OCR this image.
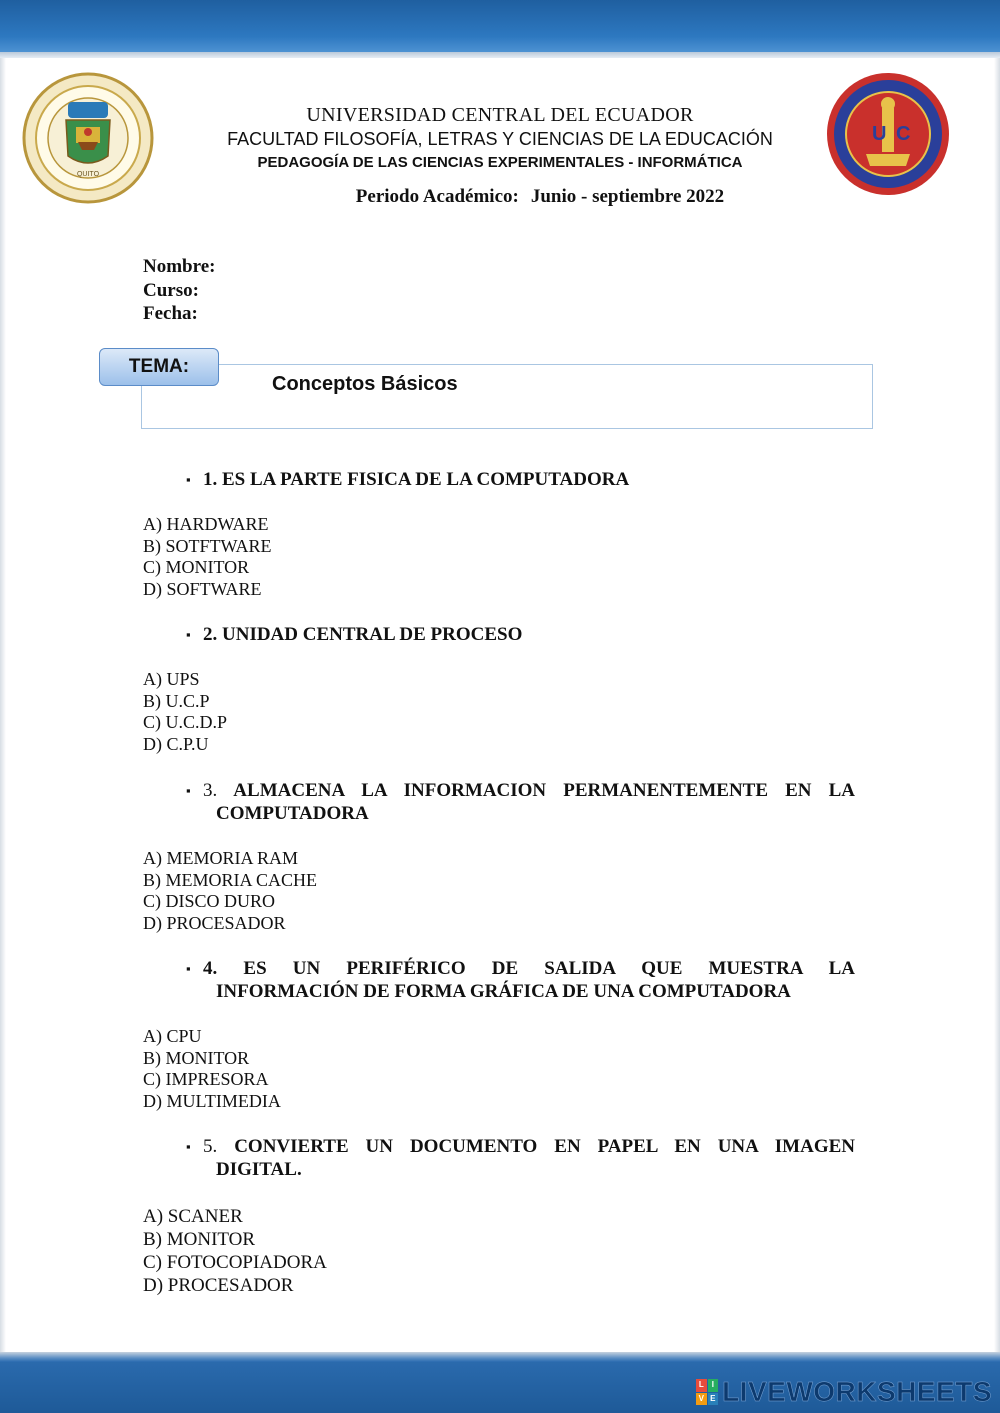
QUITO
U C
UNIVERSIDAD CENTRAL DEL ECUADOR
FACULTAD FILOSOFÍA, LETRAS Y CIENCIAS DE LA EDUCACIÓN
PEDAGOGÍA DE LAS CIENCIAS EXPERIMENTALES - INFORMÁTICA
Periodo Académico: Junio - septiembre 2022
Nombre:
Curso:
Fecha:
TEMA:
Conceptos Básicos
▪ 1. ES LA PARTE FISICA DE LA COMPUTADORA
A) HARDWARE
B) SOTFTWARE
C) MONITOR
D) SOFTWARE
▪ 2. UNIDAD CENTRAL DE PROCESO
A) UPS
B) U.C.P
C) U.C.D.P
D) C.P.U
▪ 3. ALMACENA LA INFORMACION PERMANENTEMENTE EN LA
COMPUTADORA
A) MEMORIA RAM
B) MEMORIA CACHE
C) DISCO DURO
D) PROCESADOR
▪ 4. ES UN PERIFÉRICO DE SALIDA QUE MUESTRA LA
INFORMACIÓN DE FORMA GRÁFICA DE UNA COMPUTADORA
A) CPU
B) MONITOR
C) IMPRESORA
D) MULTIMEDIA
▪ 5. CONVIERTE UN DOCUMENTO EN PAPEL EN UNA IMAGEN
DIGITAL.
A) SCANER
B) MONITOR
C) FOTOCOPIADORA
D) PROCESADOR
L I
V E LIVEWORKSHEETS
